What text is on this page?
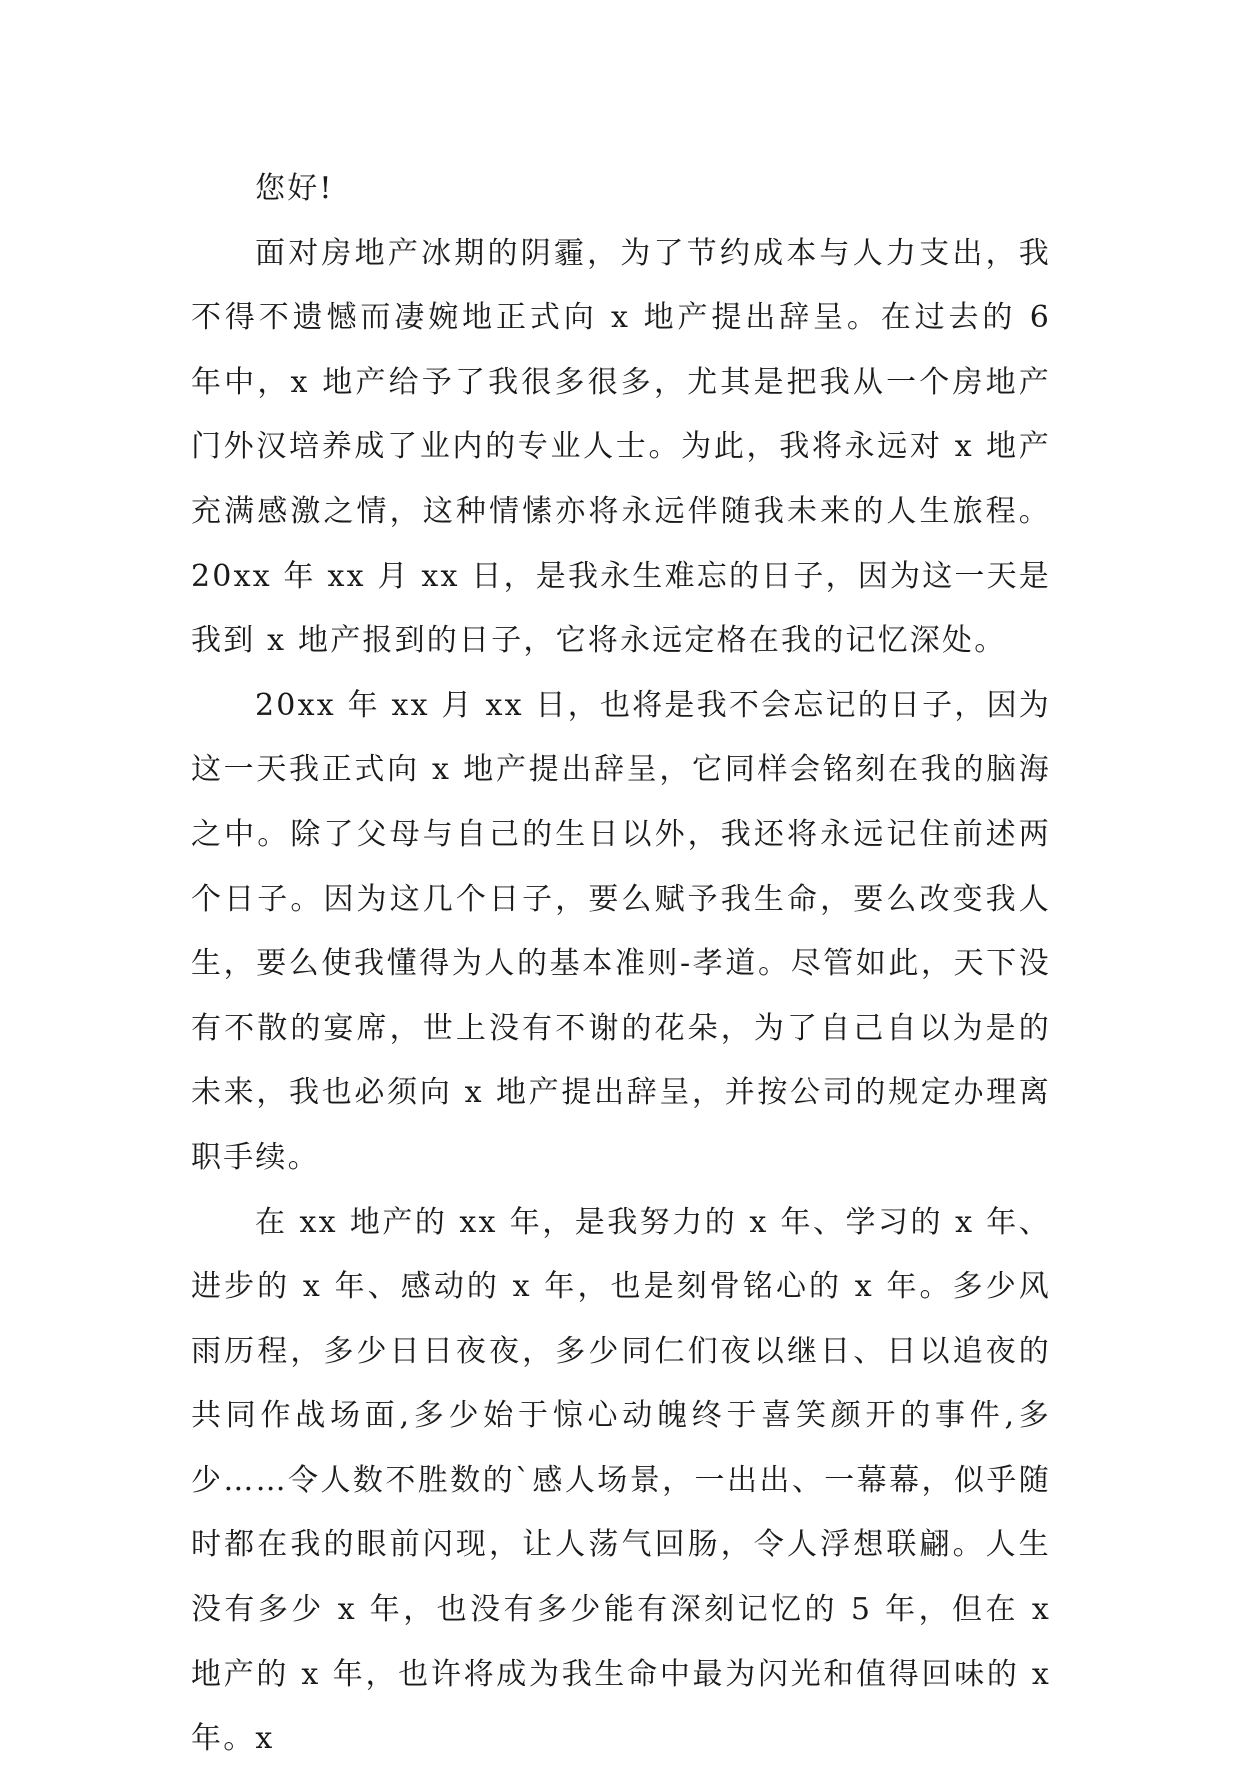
您好!

面对房地产冰期的阴霾，为了节约成本与人力支出，我不得不遗憾而凄婉地正式向 x 地产提出辞呈。在过去的 6 年中，x 地产给予了我很多很多，尤其是把我从一个房地产门外汉培养成了业内的专业人士。为此，我将永远对 x 地产充满感激之情，这种情愫亦将永远伴随我未来的人生旅程。20xx 年 xx 月 xx 日，是我永生难忘的日子，因为这一天是我到 x 地产报到的日子，它将永远定格在我的记忆深处。

20xx 年 xx 月 xx 日，也将是我不会忘记的日子，因为这一天我正式向 x 地产提出辞呈，它同样会铭刻在我的脑海之中。除了父母与自己的生日以外，我还将永远记住前述两个日子。因为这几个日子，要么赋予我生命，要么改变我人生，要么使我懂得为人的基本准则-孝道。尽管如此，天下没有不散的宴席，世上没有不谢的花朵，为了自己自以为是的未来，我也必须向 x 地产提出辞呈，并按公司的规定办理离职手续。

在 xx 地产的 xx 年，是我努力的 x 年、学习的 x 年、进步的 x 年、感动的 x 年，也是刻骨铭心的 x 年。多少风雨历程，多少日日夜夜，多少同仁们夜以继日、日以追夜的共同作战场面,多少始于惊心动魄终于喜笑颜开的事件,多少……令人数不胜数的`感人场景，一出出、一幕幕，似乎随时都在我的眼前闪现，让人荡气回肠，令人浮想联翩。人生没有多少 x 年，也没有多少能有深刻记忆的 5 年，但在 x 地产的 x 年，也许将成为我生命中最为闪光和值得回味的 x 年。x
